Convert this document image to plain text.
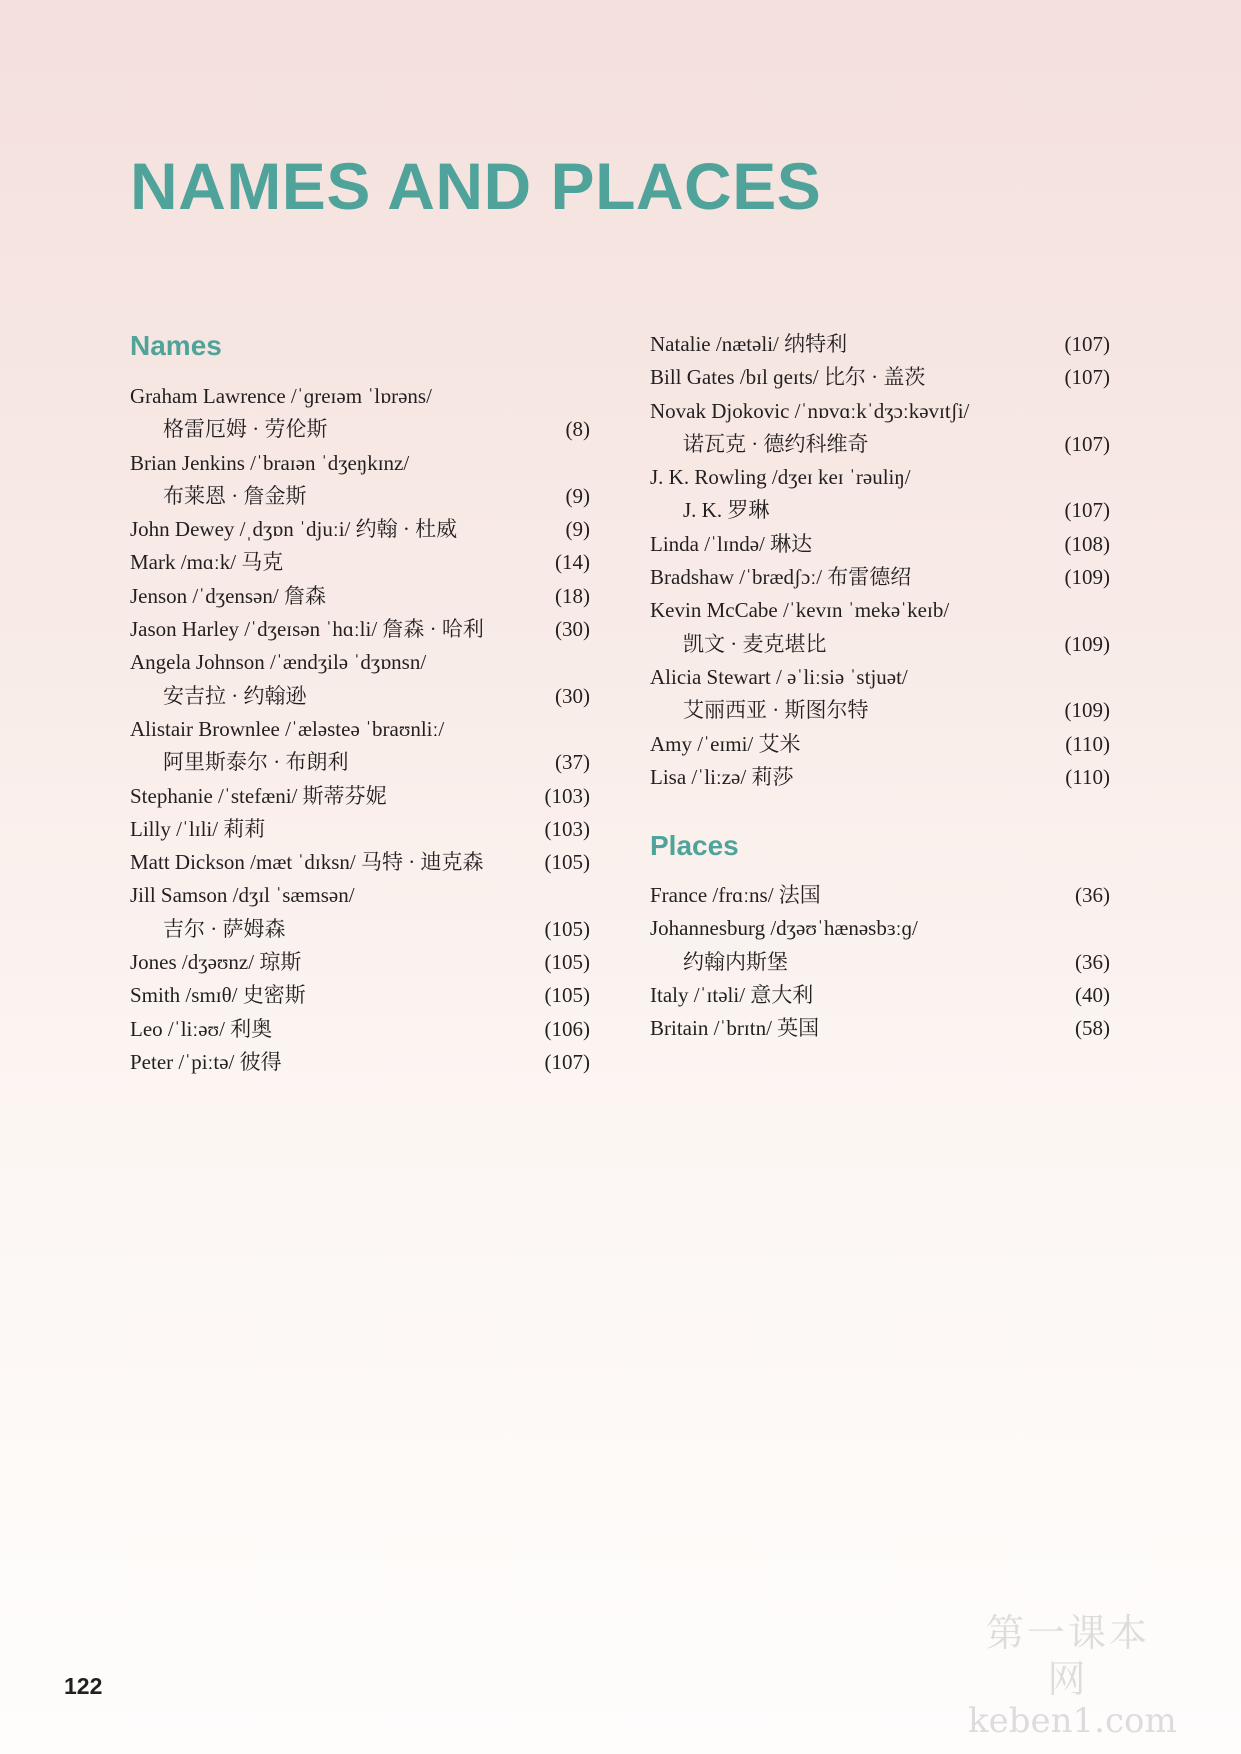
NAMES AND PLACES
Names
Graham Lawrence /ˈɡreɪəm ˈlɒrəns/
格雷厄姆 · 劳伦斯	(8)
Brian Jenkins /ˈbraɪən ˈdʒeŋkɪnz/
布莱恩 · 詹金斯	(9)
John Dewey /ˌdʒɒn ˈdjuːi/ 约翰 · 杜威	(9)
Mark /mɑːk/ 马克	(14)
Jenson /ˈdʒensən/ 詹森	(18)
Jason Harley /ˈdʒeɪsən ˈhɑːli/ 詹森 · 哈利	(30)
Angela Johnson /ˈændʒilə ˈdʒɒnsn/
安吉拉 · 约翰逊	(30)
Alistair Brownlee /ˈæləsteə ˈbraʊnliː/
阿里斯泰尔 · 布朗利	(37)
Stephanie /ˈstefæni/ 斯蒂芬妮	(103)
Lilly /ˈlɪli/ 莉莉	(103)
Matt Dickson /mæt ˈdɪksn/ 马特 · 迪克森	(105)
Jill Samson /dʒɪl ˈsæmsən/
吉尔 · 萨姆森	(105)
Jones /dʒəʊnz/ 琼斯	(105)
Smith /smɪθ/ 史密斯	(105)
Leo /ˈliːəʊ/ 利奥	(106)
Peter /ˈpiːtə/ 彼得	(107)
Natalie /nætəli/ 纳特利	(107)
Bill Gates /bɪl ɡeɪts/ 比尔 · 盖茨	(107)
Novak Djokovic /ˈnɒvɑːkˈdʒɔːkəvɪtʃi/
诺瓦克 · 德约科维奇	(107)
J. K. Rowling /dʒeɪ keɪ ˈrəuliŋ/
J. K. 罗琳	(107)
Linda /ˈlɪndə/ 琳达	(108)
Bradshaw /ˈbrædʃɔː/ 布雷德绍	(109)
Kevin McCabe /ˈkevɪn ˈmekəˈkeɪb/
凯文 · 麦克堪比	(109)
Alicia Stewart / əˈliːsiə ˈstjuət/
艾丽西亚 · 斯图尔特	(109)
Amy /ˈeɪmi/ 艾米	(110)
Lisa /ˈliːzə/ 莉莎	(110)
Places
France /frɑːns/ 法国	(36)
Johannesburg /dʒəʊˈhænəsbɜːɡ/
约翰内斯堡	(36)
Italy /ˈɪtəli/ 意大利	(40)
Britain /ˈbrɪtn/ 英国	(58)
122
第一课本网
keben1.com
